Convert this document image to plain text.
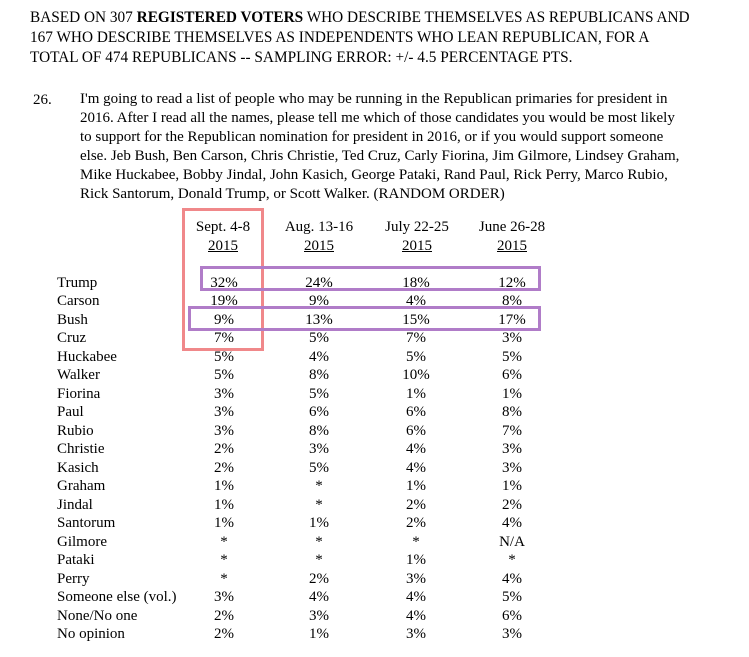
BASED ON 307 REGISTERED VOTERS WHO DESCRIBE THEMSELVES AS REPUBLICANS AND
167 WHO DESCRIBE THEMSELVES AS INDEPENDENTS WHO LEAN REPUBLICAN, FOR A
TOTAL OF 474 REPUBLICANS -- SAMPLING ERROR: +/- 4.5 PERCENTAGE PTS.
26. I'm going to read a list of people who may be running in the Republican primaries for president in
2016. After I read all the names, please tell me which of those candidates you would be most likely
to support for the Republican nomination for president in 2016, or if you would support someone
else. Jeb Bush, Ben Carson, Chris Christie, Ted Cruz, Carly Fiorina, Jim Gilmore, Lindsey Graham,
Mike Huckabee, Bobby Jindal, John Kasich, George Pataki, Rand Paul, Rick Perry, Marco Rubio,
Rick Santorum, Donald Trump, or Scott Walker. (RANDOM ORDER)
Sept. 4-8
2015
Aug. 13-16
2015
July 22-25
2015
June 26-28
2015
Trump	32%	24%	18%	12%
Carson	19%	9%	4%	8%
Bush	9%	13%	15%	17%
Cruz	7%	5%	7%	3%
Huckabee	5%	4%	5%	5%
Walker	5%	8%	10%	6%
Fiorina	3%	5%	1%	1%
Paul	3%	6%	6%	8%
Rubio	3%	8%	6%	7%
Christie	2%	3%	4%	3%
Kasich	2%	5%	4%	3%
Graham	1%	*	1%	1%
Jindal	1%	*	2%	2%
Santorum	1%	1%	2%	4%
Gilmore	*	*	*	N/A
Pataki	*	*	1%	*
Perry	*	2%	3%	4%
Someone else (vol.)	3%	4%	4%	5%
None/No one	2%	3%	4%	6%
No opinion	2%	1%	3%	3%
